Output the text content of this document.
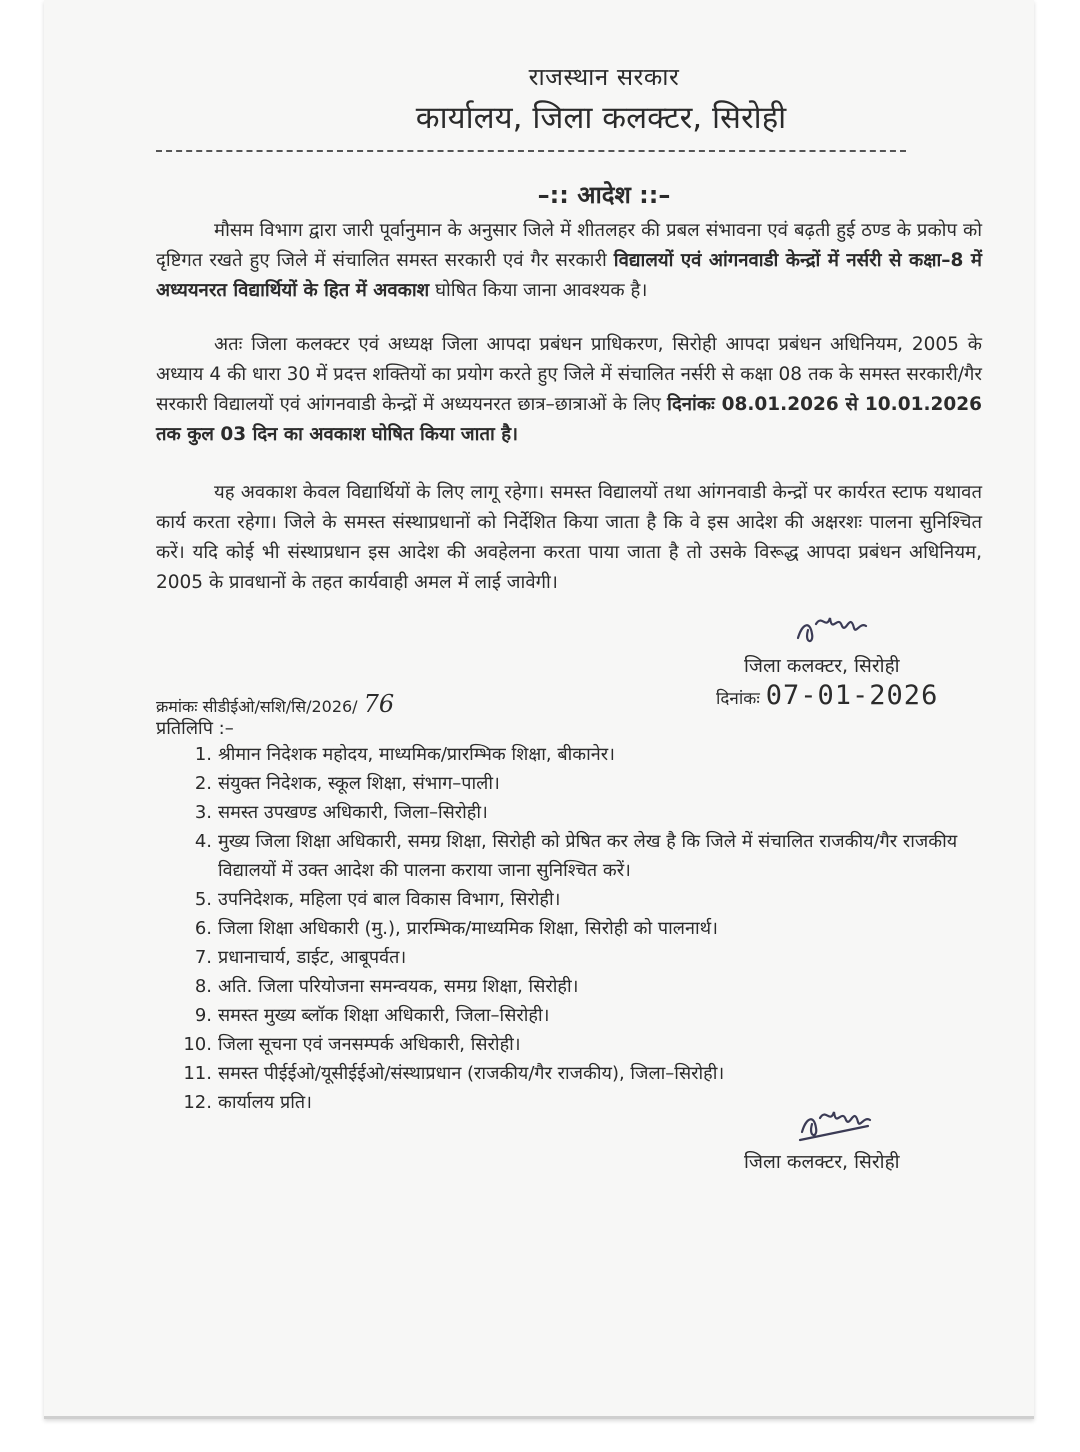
राजस्थान सरकार
कार्यालय, जिला कलक्टर, सिरोही
–:: आदेश ::–

मौसम विभाग द्वारा जारी पूर्वानुमान के अनुसार जिले में शीतलहर की प्रबल संभावना एवं बढ़ती हुई ठण्ड के प्रकोप को दृष्टिगत रखते हुए जिले में संचालित समस्त सरकारी एवं गैर सरकारी विद्यालयों एवं आंगनवाडी केन्द्रों में नर्सरी से कक्षा–8 में अध्ययनरत विद्यार्थियों के हित में अवकाश घोषित किया जाना आवश्यक है।

अतः जिला कलक्टर एवं अध्यक्ष जिला आपदा प्रबंधन प्राधिकरण, सिरोही आपदा प्रबंधन अधिनियम, 2005 के अध्याय 4 की धारा 30 में प्रदत्त शक्तियों का प्रयोग करते हुए जिले में संचालित नर्सरी से कक्षा 08 तक के समस्त सरकारी/गैर सरकारी विद्यालयों एवं आंगनवाडी केन्द्रों में अध्ययनरत छात्र–छात्राओं के लिए दिनांकः 08.01.2026 से 10.01.2026 तक कुल 03 दिन का अवकाश घोषित किया जाता है।

यह अवकाश केवल विद्यार्थियों के लिए लागू रहेगा। समस्त विद्यालयों तथा आंगनवाडी केन्द्रों पर कार्यरत स्टाफ यथावत कार्य करता रहेगा। जिले के समस्त संस्थाप्रधानों को निर्देशित किया जाता है कि वे इस आदेश की अक्षरशः पालना सुनिश्चित करें। यदि कोई भी संस्थाप्रधान इस आदेश की अवहेलना करता पाया जाता है तो उसके विरूद्ध आपदा प्रबंधन अधिनियम, 2005 के प्रावधानों के तहत कार्यवाही अमल में लाई जावेगी।

जिला कलक्टर, सिरोही
क्रमांकः सीडीईओ/सशि/सि/2026/ 76	दिनांकः 07-01-2026
प्रतिलिपि :–
1. श्रीमान निदेशक महोदय, माध्यमिक/प्रारम्भिक शिक्षा, बीकानेर।
2. संयुक्त निदेशक, स्कूल शिक्षा, संभाग–पाली।
3. समस्त उपखण्ड अधिकारी, जिला–सिरोही।
4. मुख्य जिला शिक्षा अधिकारी, समग्र शिक्षा, सिरोही को प्रेषित कर लेख है कि जिले में संचालित राजकीय/गैर राजकीय विद्यालयों में उक्त आदेश की पालना कराया जाना सुनिश्चित करें।
5. उपनिदेशक, महिला एवं बाल विकास विभाग, सिरोही।
6. जिला शिक्षा अधिकारी (मु.), प्रारम्भिक/माध्यमिक शिक्षा, सिरोही को पालनार्थ।
7. प्रधानाचार्य, डाईट, आबूपर्वत।
8. अति. जिला परियोजना समन्वयक, समग्र शिक्षा, सिरोही।
9. समस्त मुख्य ब्लॉक शिक्षा अधिकारी, जिला–सिरोही।
10. जिला सूचना एवं जनसम्पर्क अधिकारी, सिरोही।
11. समस्त पीईईओ/यूसीईईओ/संस्थाप्रधान (राजकीय/गैर राजकीय), जिला–सिरोही।
12. कार्यालय प्रति।
जिला कलक्टर, सिरोही
